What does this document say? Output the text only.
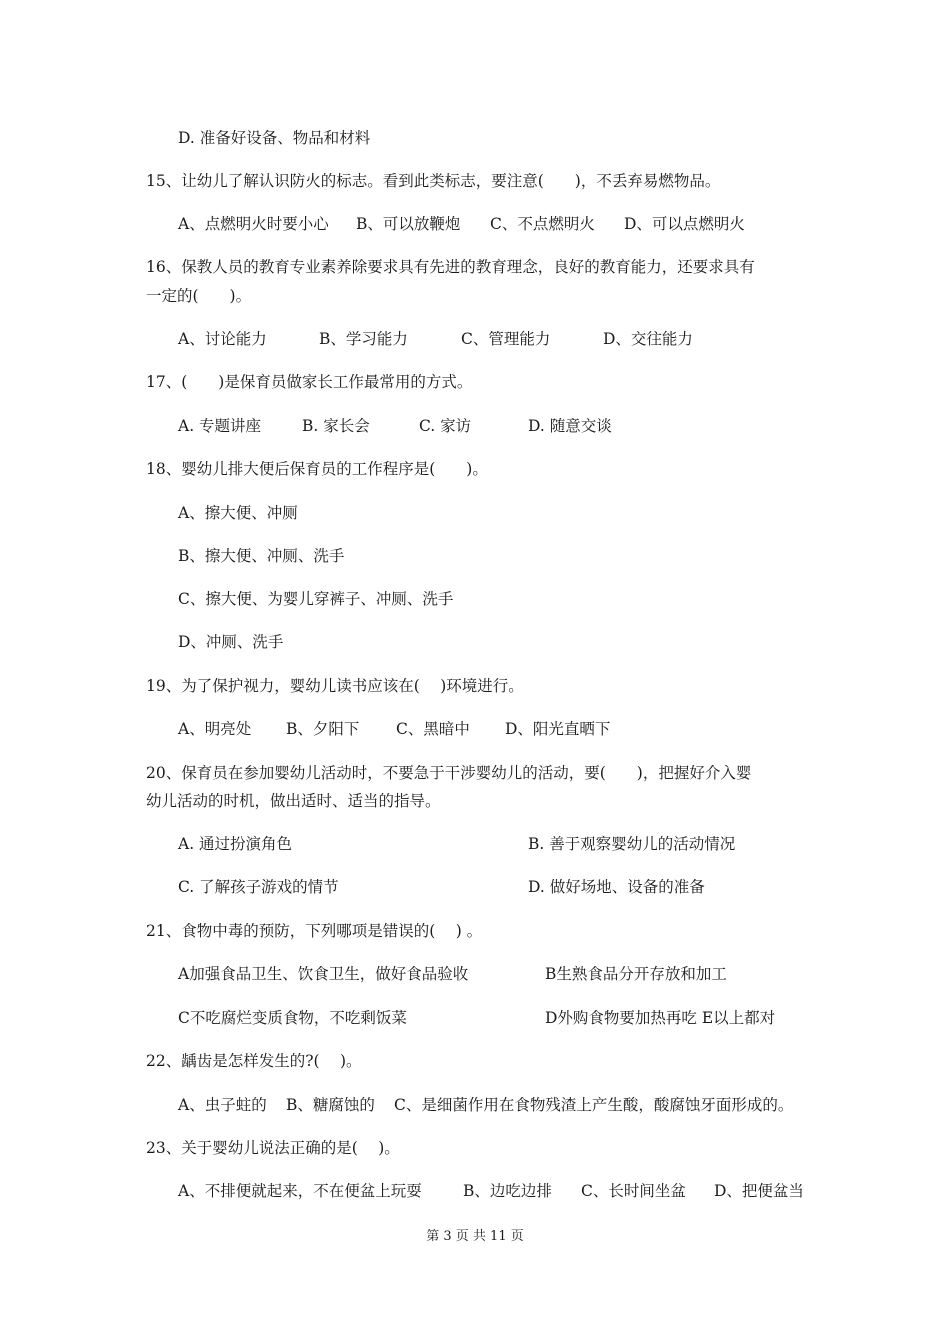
D. 准备好设备、物品和材料
15、让幼儿了解认识防火的标志。看到此类标志，要注意(　　)，不丢弃易燃物品。
A、点燃明火时要小心 B、可以放鞭炮 C、不点燃明火 D、可以点燃明火
16、保教人员的教育专业素养除要求具有先进的教育理念，良好的教育能力，还要求具有
一定的(　　)。
A、讨论能力	B、学习能力	C、管理能力	D、交往能力
17、(　　)是保育员做家长工作最常用的方式。
A. 专题讲座	B. 家长会	C. 家访	D. 随意交谈
18、婴幼儿排大便后保育员的工作程序是(　　)。
A、擦大便、冲厕
B、擦大便、冲厕、洗手
C、擦大便、为婴儿穿裤子、冲厕、洗手
D、冲厕、洗手
19、为了保护视力，婴幼儿读书应该在(　 )环境进行。
A、明亮处 B、夕阳下 C、黑暗中 D、阳光直晒下
20、保育员在参加婴幼儿活动时，不要急于干涉婴幼儿的活动，要(　　)，把握好介入婴
幼儿活动的时机，做出适时、适当的指导。
A. 通过扮演角色	B. 善于观察婴幼儿的活动情况
C. 了解孩子游戏的情节	D. 做好场地、设备的准备
21、食物中毒的预防，下列哪项是错误的(　 ) 。
A加强食品卫生、饮食卫生，做好食品验收	B生熟食品分开存放和加工
C不吃腐烂变质食物，不吃剩饭菜	D外购食物要加热再吃 E以上都对
22、龋齿是怎样发生的?(　 )。
A、虫子蛀的 B、糖腐蚀的 C、是细菌作用在食物残渣上产生酸，酸腐蚀牙面形成的。
23、关于婴幼儿说法正确的是(　 )。
A、不排便就起来，不在便盆上玩耍	B、边吃边排 C、长时间坐盆 D、把便盆当
第 3 页 共 11 页
